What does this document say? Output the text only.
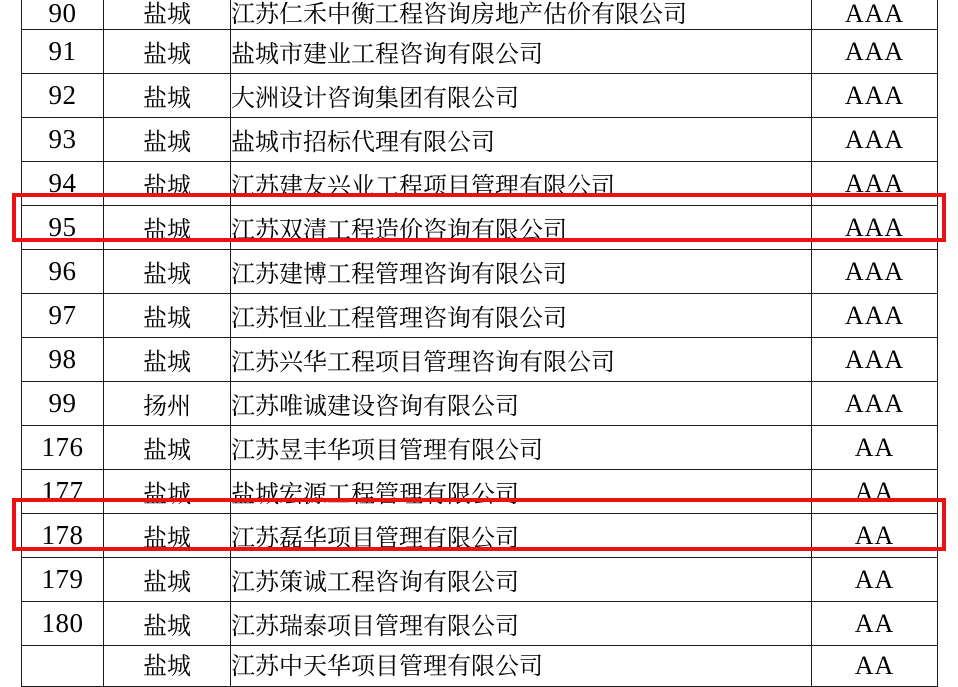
90	盐城	江苏仁禾中衡工程咨询房地产估价有限公司	AAA
91	盐城	盐城市建业工程咨询有限公司	AAA
92	盐城	大洲设计咨询集团有限公司	AAA
93	盐城	盐城市招标代理有限公司	AAA
94	盐城	江苏建友兴业工程项目管理有限公司	AAA
95	盐城	江苏双清工程造价咨询有限公司	AAA
96	盐城	江苏建博工程管理咨询有限公司	AAA
97	盐城	江苏恒业工程管理咨询有限公司	AAA
98	盐城	江苏兴华工程项目管理咨询有限公司	AAA
99	扬州	江苏唯诚建设咨询有限公司	AAA
176	盐城	江苏昱丰华项目管理有限公司	AA
177	盐城	盐城宏源工程管理有限公司	AA
178	盐城	江苏磊华项目管理有限公司	AA
179	盐城	江苏策诚工程咨询有限公司	AA
180	盐城	江苏瑞泰项目管理有限公司	AA
	盐城	江苏中天华项目管理有限公司	AA
